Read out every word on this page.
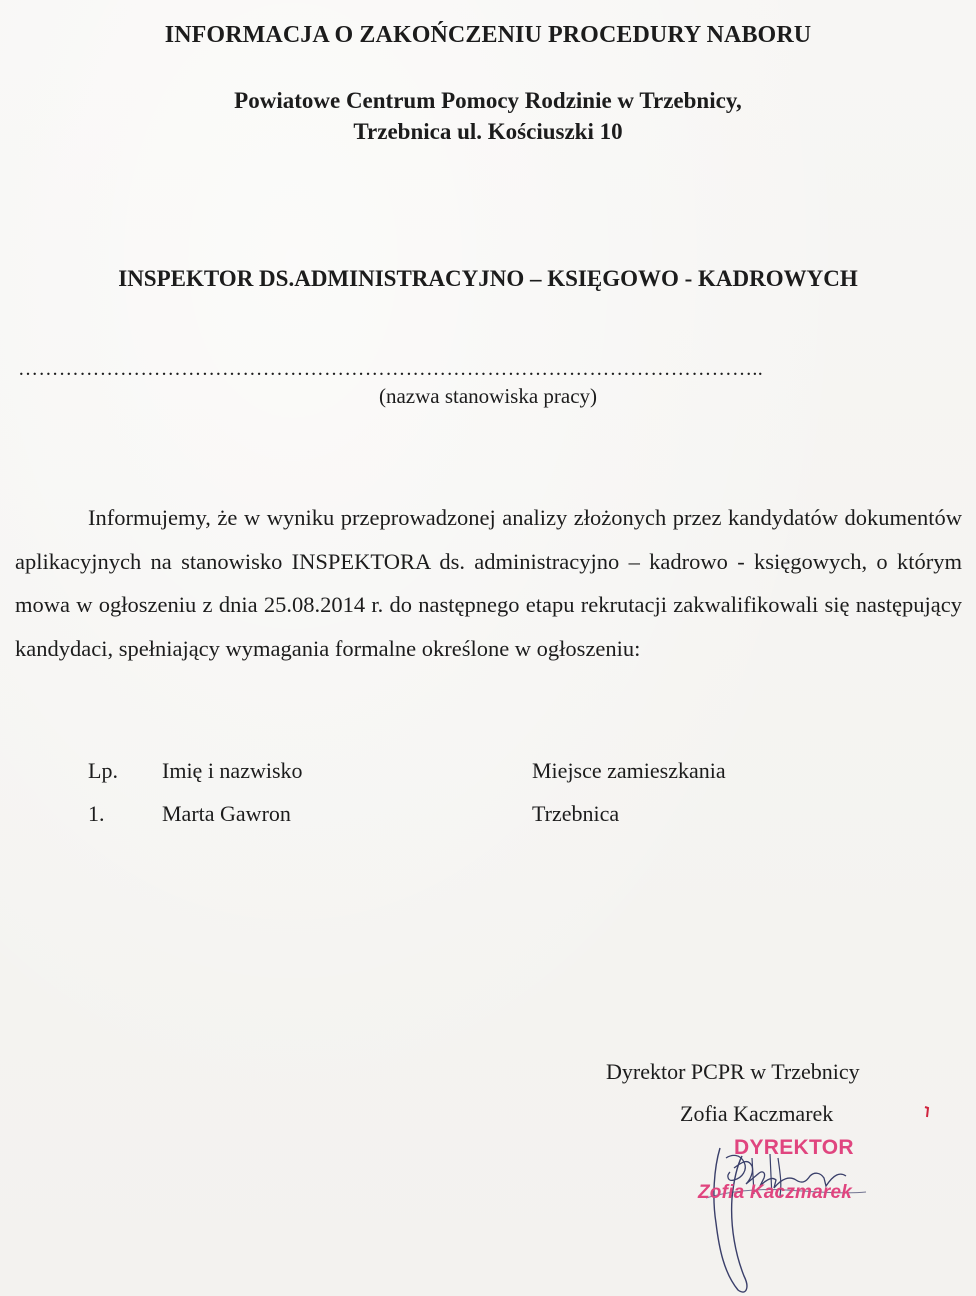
INFORMACJA O ZAKOŃCZENIU PROCEDURY NABORU
Powiatowe Centrum Pomocy Rodzinie w Trzebnicy,
Trzebnica ul. Kościuszki 10
INSPEKTOR DS.ADMINISTRACYJNO – KSIĘGOWO - KADROWYCH
………………………………………………………………………………………………..
(nazwa stanowiska pracy)
Informujemy, że w wyniku przeprowadzonej analizy złożonych przez kandydatów dokumentów aplikacyjnych na stanowisko INSPEKTORA ds. administracyjno – kadrowo - księgowych, o którym mowa w ogłoszeniu z dnia 25.08.2014 r. do następnego etapu rekrutacji zakwalifikowali się następujący kandydaci, spełniający wymagania formalne określone w ogłoszeniu:
Lp. Imię i nazwisko	Miejsce zamieszkania
1.	Marta Gawron	Trzebnica
Dyrektor PCPR w Trzebnicy
Zofia Kaczmarek
DYREKTOR
Zofia Kaczmarek
